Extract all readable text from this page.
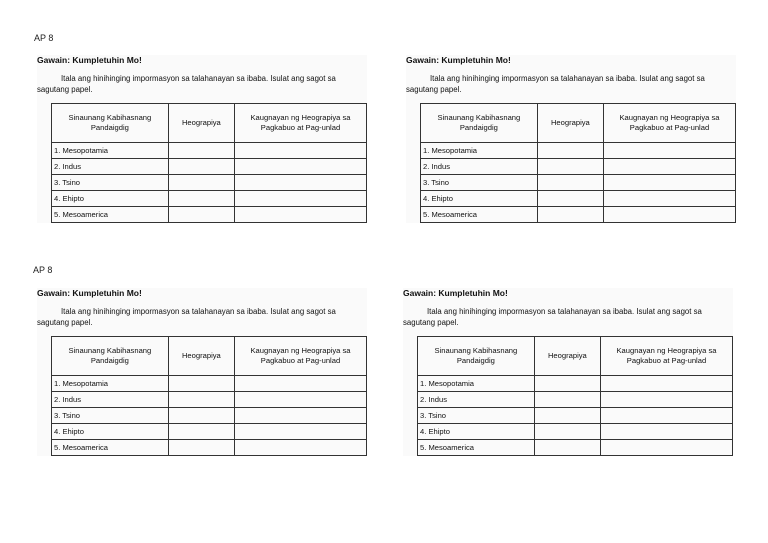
AP 8
AP 8
Gawain: Kumpletuhin Mo!
Itala ang hinihinging impormasyon sa talahanayan sa ibaba. Isulat ang sagot sa sagutang papel.
Sinaunang Kabihasnang Pandaigdig	Heograpiya	Kaugnayan ng Heograpiya sa Pagkabuo at Pag-unlad
1. Mesopotamia		
2. Indus		
3. Tsino		
4. Ehipto		
5. Mesoamerica		
Gawain: Kumpletuhin Mo!
Itala ang hinihinging impormasyon sa talahanayan sa ibaba. Isulat ang sagot sa sagutang papel.
Sinaunang Kabihasnang Pandaigdig	Heograpiya	Kaugnayan ng Heograpiya sa Pagkabuo at Pag-unlad
1. Mesopotamia		
2. Indus		
3. Tsino		
4. Ehipto		
5. Mesoamerica		
Gawain: Kumpletuhin Mo!
Itala ang hinihinging impormasyon sa talahanayan sa ibaba. Isulat ang sagot sa sagutang papel.
Sinaunang Kabihasnang Pandaigdig	Heograpiya	Kaugnayan ng Heograpiya sa Pagkabuo at Pag-unlad
1. Mesopotamia		
2. Indus		
3. Tsino		
4. Ehipto		
5. Mesoamerica		
Gawain: Kumpletuhin Mo!
Itala ang hinihinging impormasyon sa talahanayan sa ibaba. Isulat ang sagot sa sagutang papel.
Sinaunang Kabihasnang Pandaigdig	Heograpiya	Kaugnayan ng Heograpiya sa Pagkabuo at Pag-unlad
1. Mesopotamia		
2. Indus		
3. Tsino		
4. Ehipto		
5. Mesoamerica		
